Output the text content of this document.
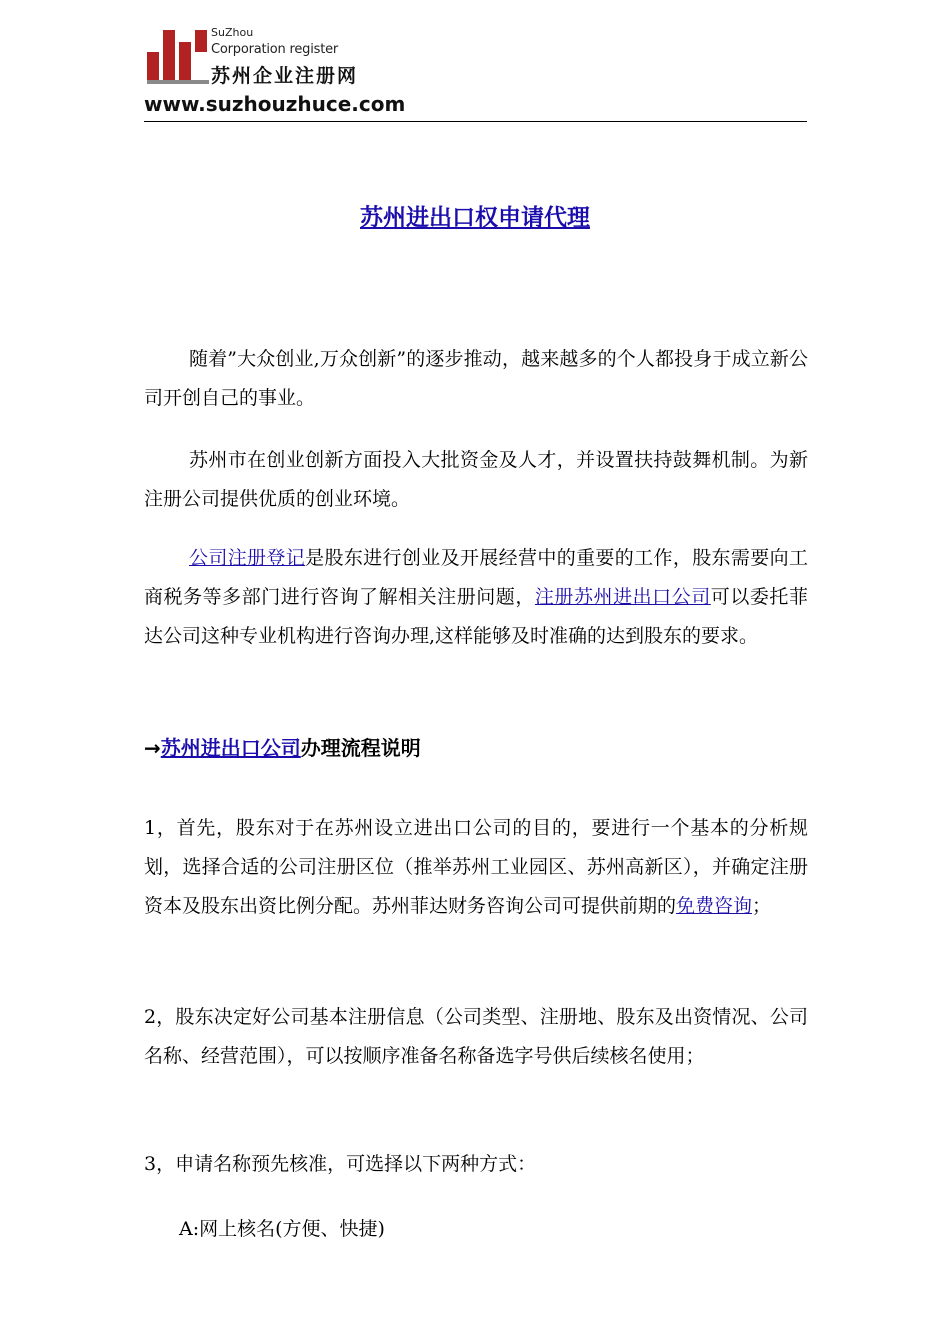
SuZhou
Corporation register
苏州企业注册网
www.suzhouzhuce.com
苏州进出口权申请代理

随着”大众创业,万众创新”的逐步推动，越来越多的个人都投身于成立新公司开创自己的事业。

苏州市在创业创新方面投入大批资金及人才，并设置扶持鼓舞机制。为新注册公司提供优质的创业环境。

公司注册登记是股东进行创业及开展经营中的重要的工作，股东需要向工商税务等多部门进行咨询了解相关注册问题，注册苏州进出口公司可以委托菲达公司这种专业机构进行咨询办理,这样能够及时准确的达到股东的要求。

→苏州进出口公司办理流程说明

1，首先，股东对于在苏州设立进出口公司的目的，要进行一个基本的分析规划，选择合适的公司注册区位（推举苏州工业园区、苏州高新区），并确定注册资本及股东出资比例分配。苏州菲达财务咨询公司可提供前期的免费咨询；

2，股东决定好公司基本注册信息（公司类型、注册地、股东及出资情况、公司名称、经营范围），可以按顺序准备名称备选字号供后续核名使用；

3，申请名称预先核准，可选择以下两种方式：

A:网上核名(方便、快捷)
